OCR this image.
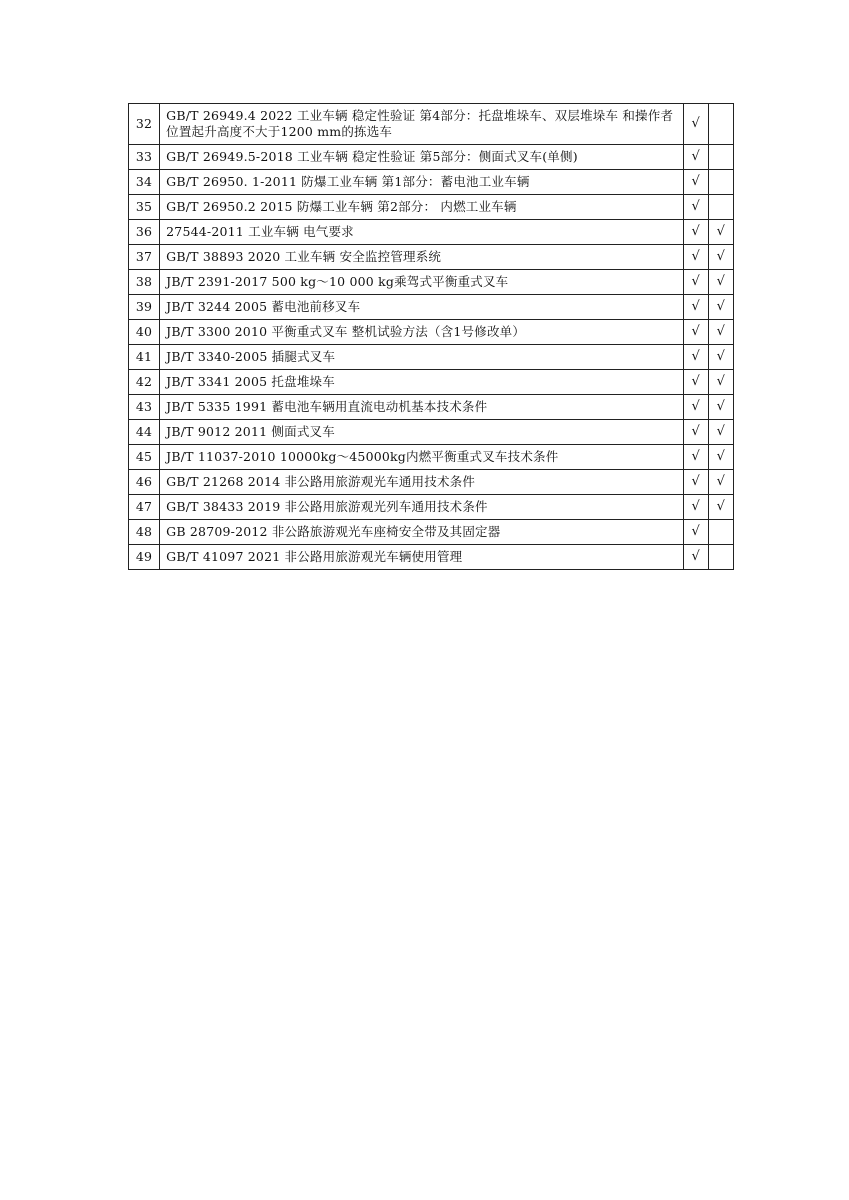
32	GB/T 26949.4 2022 工业车辆 稳定性验证 第4部分：托盘堆垛车、双层堆垛车 和操作者位置起升高度不大于1200 mm的拣选车	√	
33	GB/T 26949.5-2018 工业车辆 稳定性验证 第5部分：侧面式叉车(单侧)	√	
34	GB/T 26950. 1-2011 防爆工业车辆 第1部分：蓄电池工业车辆	√	
35	GB/T 26950.2 2015 防爆工业车辆 第2部分： 内燃工业车辆	√	
36	27544-2011 工业车辆 电气要求	√	√
37	GB/T 38893 2020 工业车辆 安全监控管理系统	√	√
38	JB/T 2391-2017 500 kg～10 000 kg乘驾式平衡重式叉车	√	√
39	JB/T 3244 2005 蓄电池前移叉车	√	√
40	JB/T 3300 2010 平衡重式叉车 整机试验方法（含1号修改单）	√	√
41	JB/T 3340-2005 插腿式叉车	√	√
42	JB/T 3341 2005 托盘堆垛车	√	√
43	JB/T 5335 1991 蓄电池车辆用直流电动机基本技术条件	√	√
44	JB/T 9012 2011 侧面式叉车	√	√
45	JB/T 11037-2010 10000kg～45000kg内燃平衡重式叉车技术条件	√	√
46	GB/T 21268 2014 非公路用旅游观光车通用技术条件	√	√
47	GB/T 38433 2019 非公路用旅游观光列车通用技术条件	√	√
48	GB 28709-2012 非公路旅游观光车座椅安全带及其固定器	√	
49	GB/T 41097 2021 非公路用旅游观光车辆使用管理	√	
